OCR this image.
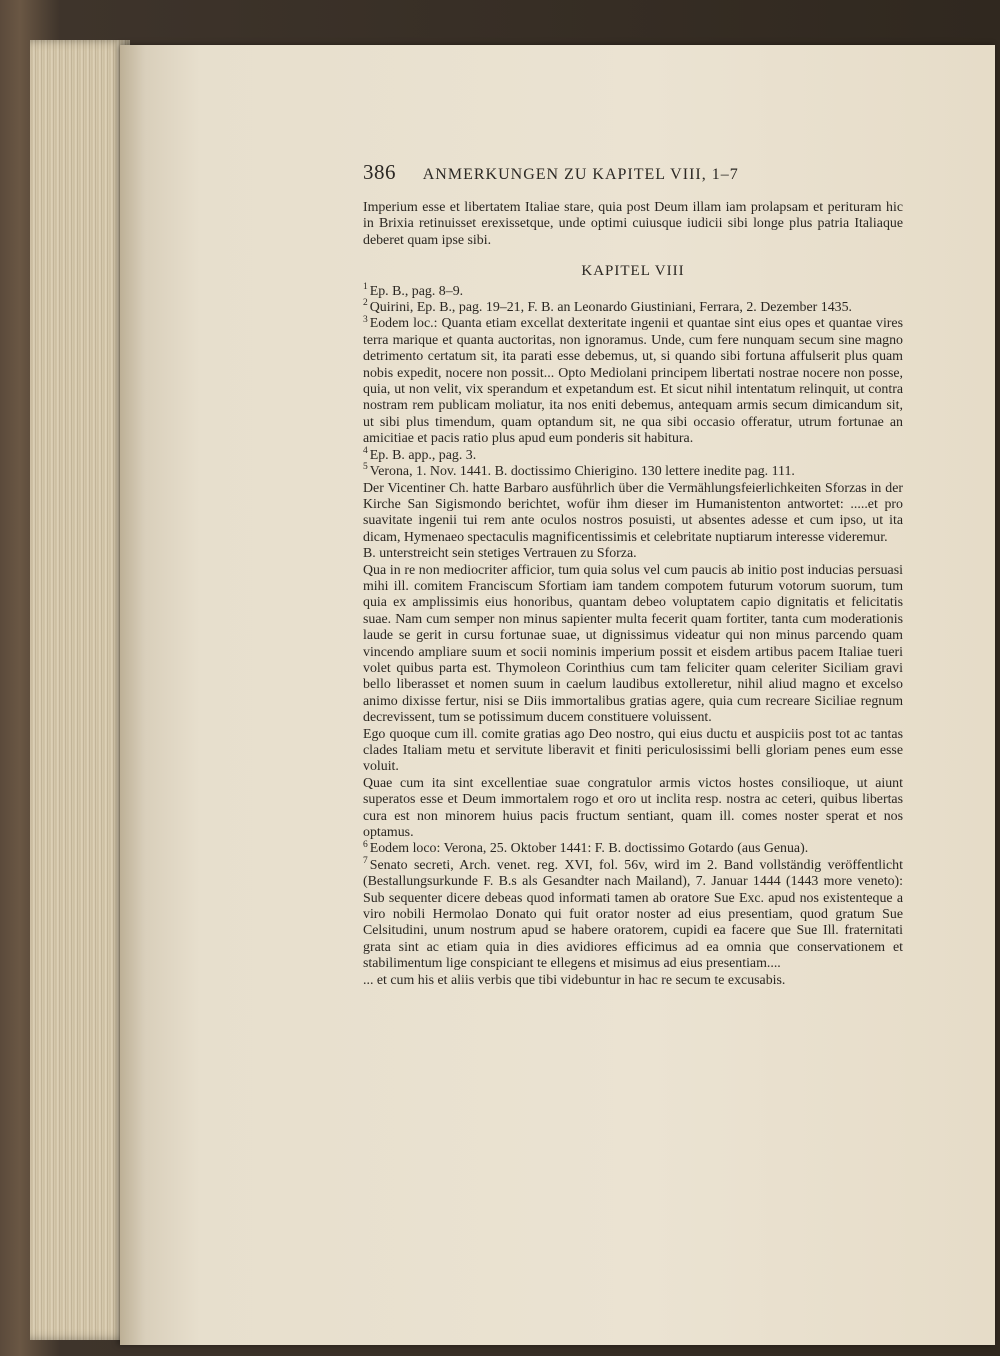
386 ANMERKUNGEN ZU KAPITEL VIII, 1–7

Imperium esse et libertatem Italiae stare, quia post Deum illam iam prolapsam et perituram hic in Brixia retinuisset erexissetque, unde optimi cuiusque iudicii sibi longe plus patria Italiaque deberet quam ipse sibi.

KAPITEL VIII

$^1$ Ep. B., pag. 8–9.

$^2$ Quirini, Ep. B., pag. 19–21, F. B. an Leonardo Giustiniani, Ferrara, 2. Dezember 1435.

$^3$ Eodem loc.: Quanta etiam excellat dexteritate ingenii et quantae sint eius opes et quantae vires terra marique et quanta auctoritas, non ignoramus. Unde, cum fere nunquam secum sine magno detrimento certatum sit, ita parati esse debemus, ut, si quando sibi fortuna affulserit plus quam nobis expedit, nocere non possit... Opto Mediolani principem libertati nostrae nocere non posse, quia, ut non velit, vix sperandum et expetandum est. Et sicut nihil intentatum relinquit, ut contra nostram rem publicam moliatur, ita nos eniti debemus, antequam armis secum dimicandum sit, ut sibi plus timendum, quam optandum sit, ne qua sibi occasio offeratur, utrum fortunae an amicitiae et pacis ratio plus apud eum ponderis sit habitura.

$^4$ Ep. B. app., pag. 3.

$^5$ Verona, 1. Nov. 1441. B. doctissimo Chierigino. 130 lettere inedite pag. 111.

Der Vicentiner Ch. hatte Barbaro ausführlich über die Vermählungsfeierlichkeiten Sforzas in der Kirche San Sigismondo berichtet, wofür ihm dieser im Humanistenton antwortet: .....et pro suavitate ingenii tui rem ante oculos nostros posuisti, ut absentes adesse et cum ipso, ut ita dicam, Hymenaeo spectaculis magnificentissimis et celebritate nuptiarum interesse videremur.

B. unterstreicht sein stetiges Vertrauen zu Sforza.

Qua in re non mediocriter afficior, tum quia solus vel cum paucis ab initio post inducias persuasi mihi ill. comitem Franciscum Sfortiam iam tandem compotem futurum votorum suorum, tum quia ex amplissimis eius honoribus, quantam debeo voluptatem capio dignitatis et felicitatis suae. Nam cum semper non minus sapienter multa fecerit quam fortiter, tanta cum moderationis laude se gerit in cursu fortunae suae, ut dignissimus videatur qui non minus parcendo quam vincendo ampliare suum et socii nominis imperium possit et eisdem artibus pacem Italiae tueri volet quibus parta est. Thymoleon Corinthius cum tam feliciter quam celeriter Siciliam gravi bello liberasset et nomen suum in caelum laudibus extolleretur, nihil aliud magno et excelso animo dixisse fertur, nisi se Diis immortalibus gratias agere, quia cum recreare Siciliae regnum decrevissent, tum se potissimum ducem constituere voluissent.

Ego quoque cum ill. comite gratias ago Deo nostro, qui eius ductu et auspiciis post tot ac tantas clades Italiam metu et servitute liberavit et finiti periculosissimi belli gloriam penes eum esse voluit.

Quae cum ita sint excellentiae suae congratulor armis victos hostes consilioque, ut aiunt superatos esse et Deum immortalem rogo et oro ut inclita resp. nostra ac ceteri, quibus libertas cura est non minorem huius pacis fructum sentiant, quam ill. comes noster sperat et nos optamus.

$^6$ Eodem loco: Verona, 25. Oktober 1441: F. B. doctissimo Gotardo (aus Genua).

$^7$ Senato secreti, Arch. venet. reg. XVI, fol. 56v, wird im 2. Band vollständig veröffentlicht (Bestallungsurkunde F. B.s als Gesandter nach Mailand), 7. Januar 1444 (1443 more veneto): Sub sequenter dicere debeas quod informati tamen ab oratore Sue Exc. apud nos existenteque a viro nobili Hermolao Donato qui fuit orator noster ad eius presentiam, quod gratum Sue Celsitudini, unum nostrum apud se habere oratorem, cupidi ea facere que Sue Ill. fraternitati grata sint ac etiam quia in dies avidiores efficimus ad ea omnia que conservationem et stabilimentum lige conspiciant te ellegens et misimus ad eius presentiam....

... et cum his et aliis verbis que tibi videbuntur in hac re secum te excusabis.
